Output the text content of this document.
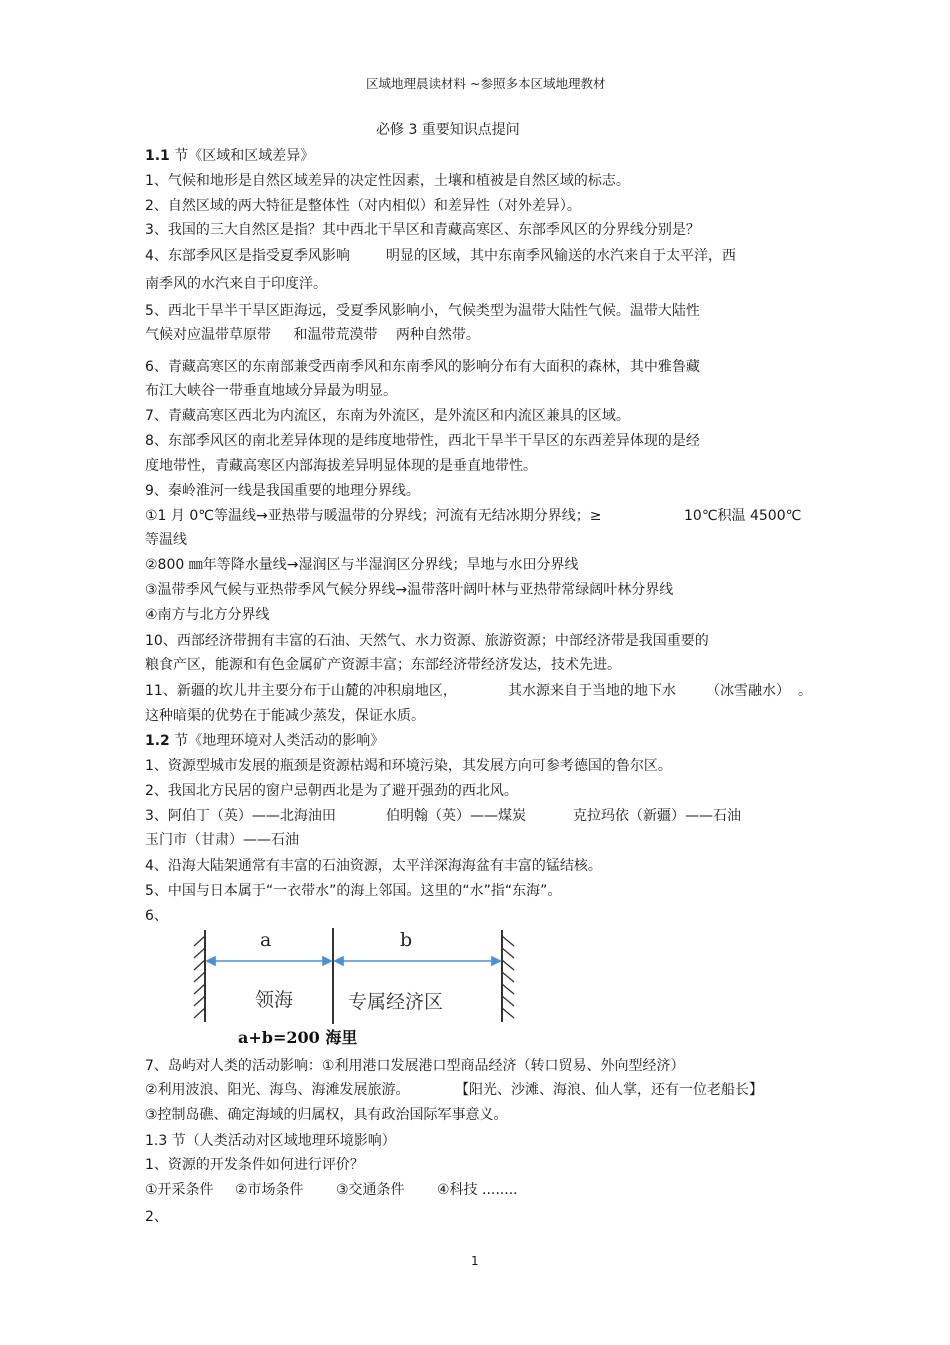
区域地理晨读材料 ~参照多本区域地理教材
必修 3 重要知识点提问
1.1 节《区域和区域差异》
1、气候和地形是自然区域差异的决定性因素，土壤和植被是自然区域的标志。
2、自然区域的两大特征是整体性（对内相似）和差异性（对外差异）。
3、我国的三大自然区是指？其中西北干旱区和青藏高寒区、东部季风区的分界线分别是？
4、东部季风区是指受夏季风影响	明显的区域，其中东南季风输送的水汽来自于太平洋，西
南季风的水汽来自于印度洋。
5、西北干旱半干旱区距海远，受夏季风影响小，气候类型为温带大陆性气候。温带大陆性
气候对应温带草原带 和温带荒漠带 两种自然带。
6、青藏高寒区的东南部兼受西南季风和东南季风的影响分布有大面积的森林，其中雅鲁藏
布江大峡谷一带垂直地域分异最为明显。
7、青藏高寒区西北为内流区，东南为外流区，是外流区和内流区兼具的区域。
8、东部季风区的南北差异体现的是纬度地带性，西北干旱半干旱区的东西差异体现的是经
度地带性，青藏高寒区内部海拔差异明显体现的是垂直地带性。
9、秦岭淮河一线是我国重要的地理分界线。
①1 月 0℃等温线→亚热带与暖温带的分界线；河流有无结冰期分界线；≥	10℃积温 4500℃
等温线
②800 ㎜年等降水量线→湿润区与半湿润区分界线；旱地与水田分界线
③温带季风气候与亚热带季风气候分界线→温带落叶阔叶林与亚热带常绿阔叶林分界线
④南方与北方分界线
10、西部经济带拥有丰富的石油、天然气、水力资源、旅游资源；中部经济带是我国重要的
粮食产区，能源和有色金属矿产资源丰富；东部经济带经济发达，技术先进。
11、新疆的坎儿井主要分布于山麓的冲积扇地区，	其水源来自于当地的地下水 （冰雪融水） 。
这种暗渠的优势在于能减少蒸发，保证水质。
1.2 节《地理环境对人类活动的影响》
1、资源型城市发展的瓶颈是资源枯竭和环境污染，其发展方向可参考德国的鲁尔区。
2、我国北方民居的窗户忌朝西北是为了避开强劲的西北风。
3、阿伯丁（英）——北海油田	伯明翰（英）——煤炭	克拉玛依（新疆）——石油
玉门市（甘肃）——石油
4、沿海大陆架通常有丰富的石油资源，太平洋深海海盆有丰富的锰结核。
5、中国与日本属于“一衣带水”的海上邻国。这里的“水”指“东海”。
6、
a	b
领海	专属经济区
a+b=200 海里
7、岛屿对人类的活动影响：①利用港口发展港口型商品经济（转口贸易、外向型经济）
②利用波浪、阳光、海鸟、海滩发展旅游。	【阳光、沙滩、海浪、仙人掌，还有一位老船长】
③控制岛礁、确定海域的归属权，具有政治国际军事意义。
1.3 节（人类活动对区域地理环境影响）
1、资源的开发条件如何进行评价？
①开采条件 ②市场条件 ③交通条件 ④科技 ........
2、
1
